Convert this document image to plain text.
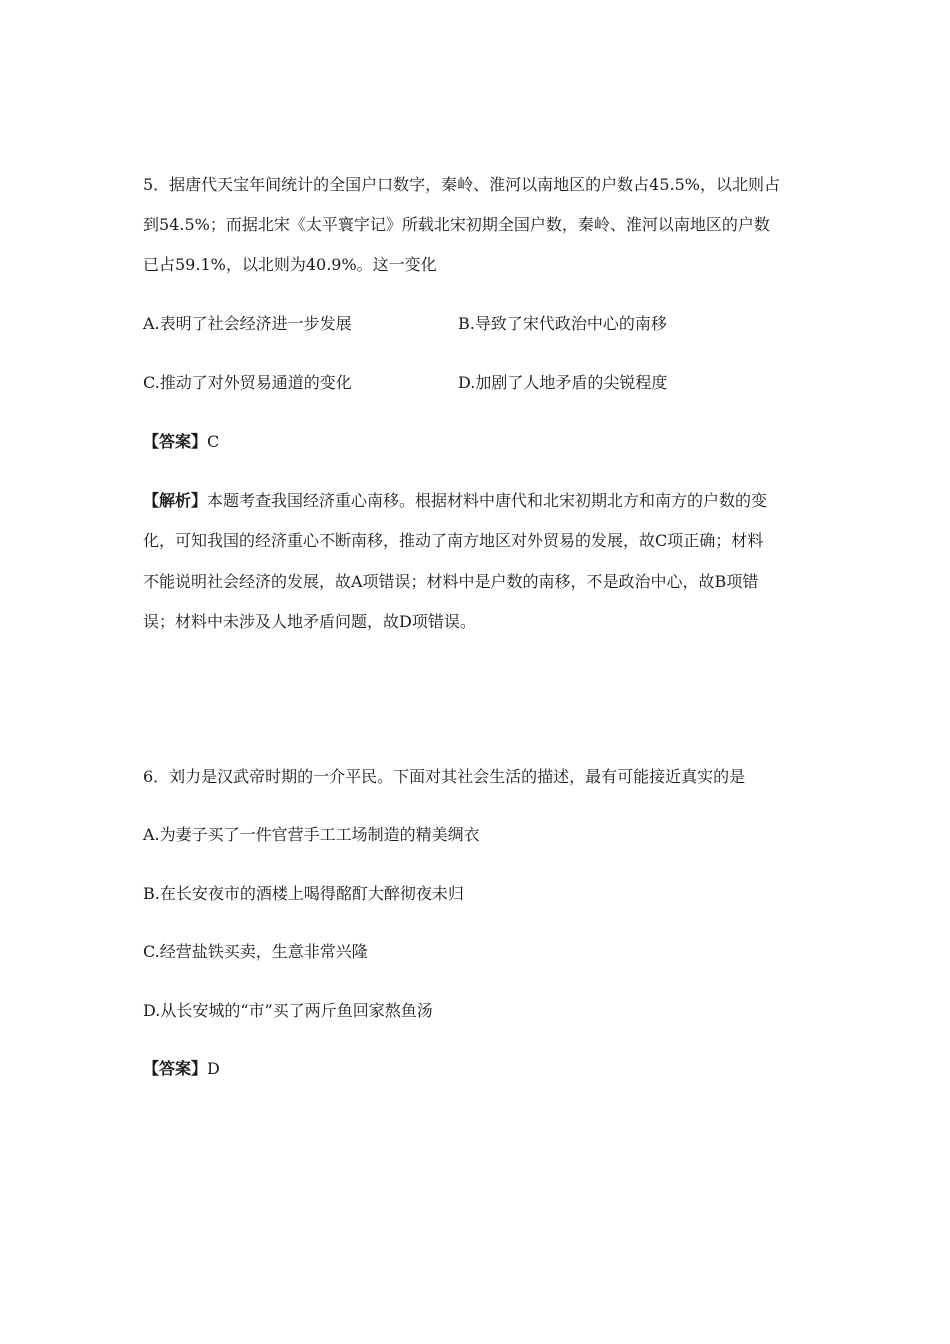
5．据唐代天宝年间统计的全国户口数字，秦岭、淮河以南地区的户数占45.5%，以北则占
到54.5%；而据北宋《太平寰宇记》所载北宋初期全国户数，秦岭、淮河以南地区的户数
已占59.1%，以北则为40.9%。这一变化
A.表明了社会经济进一步发展	B.导致了宋代政治中心的南移
C.推动了对外贸易通道的变化	D.加剧了人地矛盾的尖锐程度
【答案】C
【解析】本题考查我国经济重心南移。根据材料中唐代和北宋初期北方和南方的户数的变
化，可知我国的经济重心不断南移，推动了南方地区对外贸易的发展，故C项正确；材料
不能说明社会经济的发展，故A项错误；材料中是户数的南移，不是政治中心，故B项错
误；材料中未涉及人地矛盾问题，故D项错误。
6．刘力是汉武帝时期的一介平民。下面对其社会生活的描述，最有可能接近真实的是
A.为妻子买了一件官营手工工场制造的精美绸衣
B.在长安夜市的酒楼上喝得酩酊大醉彻夜未归
C.经营盐铁买卖，生意非常兴隆
D.从长安城的“市”买了两斤鱼回家熬鱼汤
【答案】D
